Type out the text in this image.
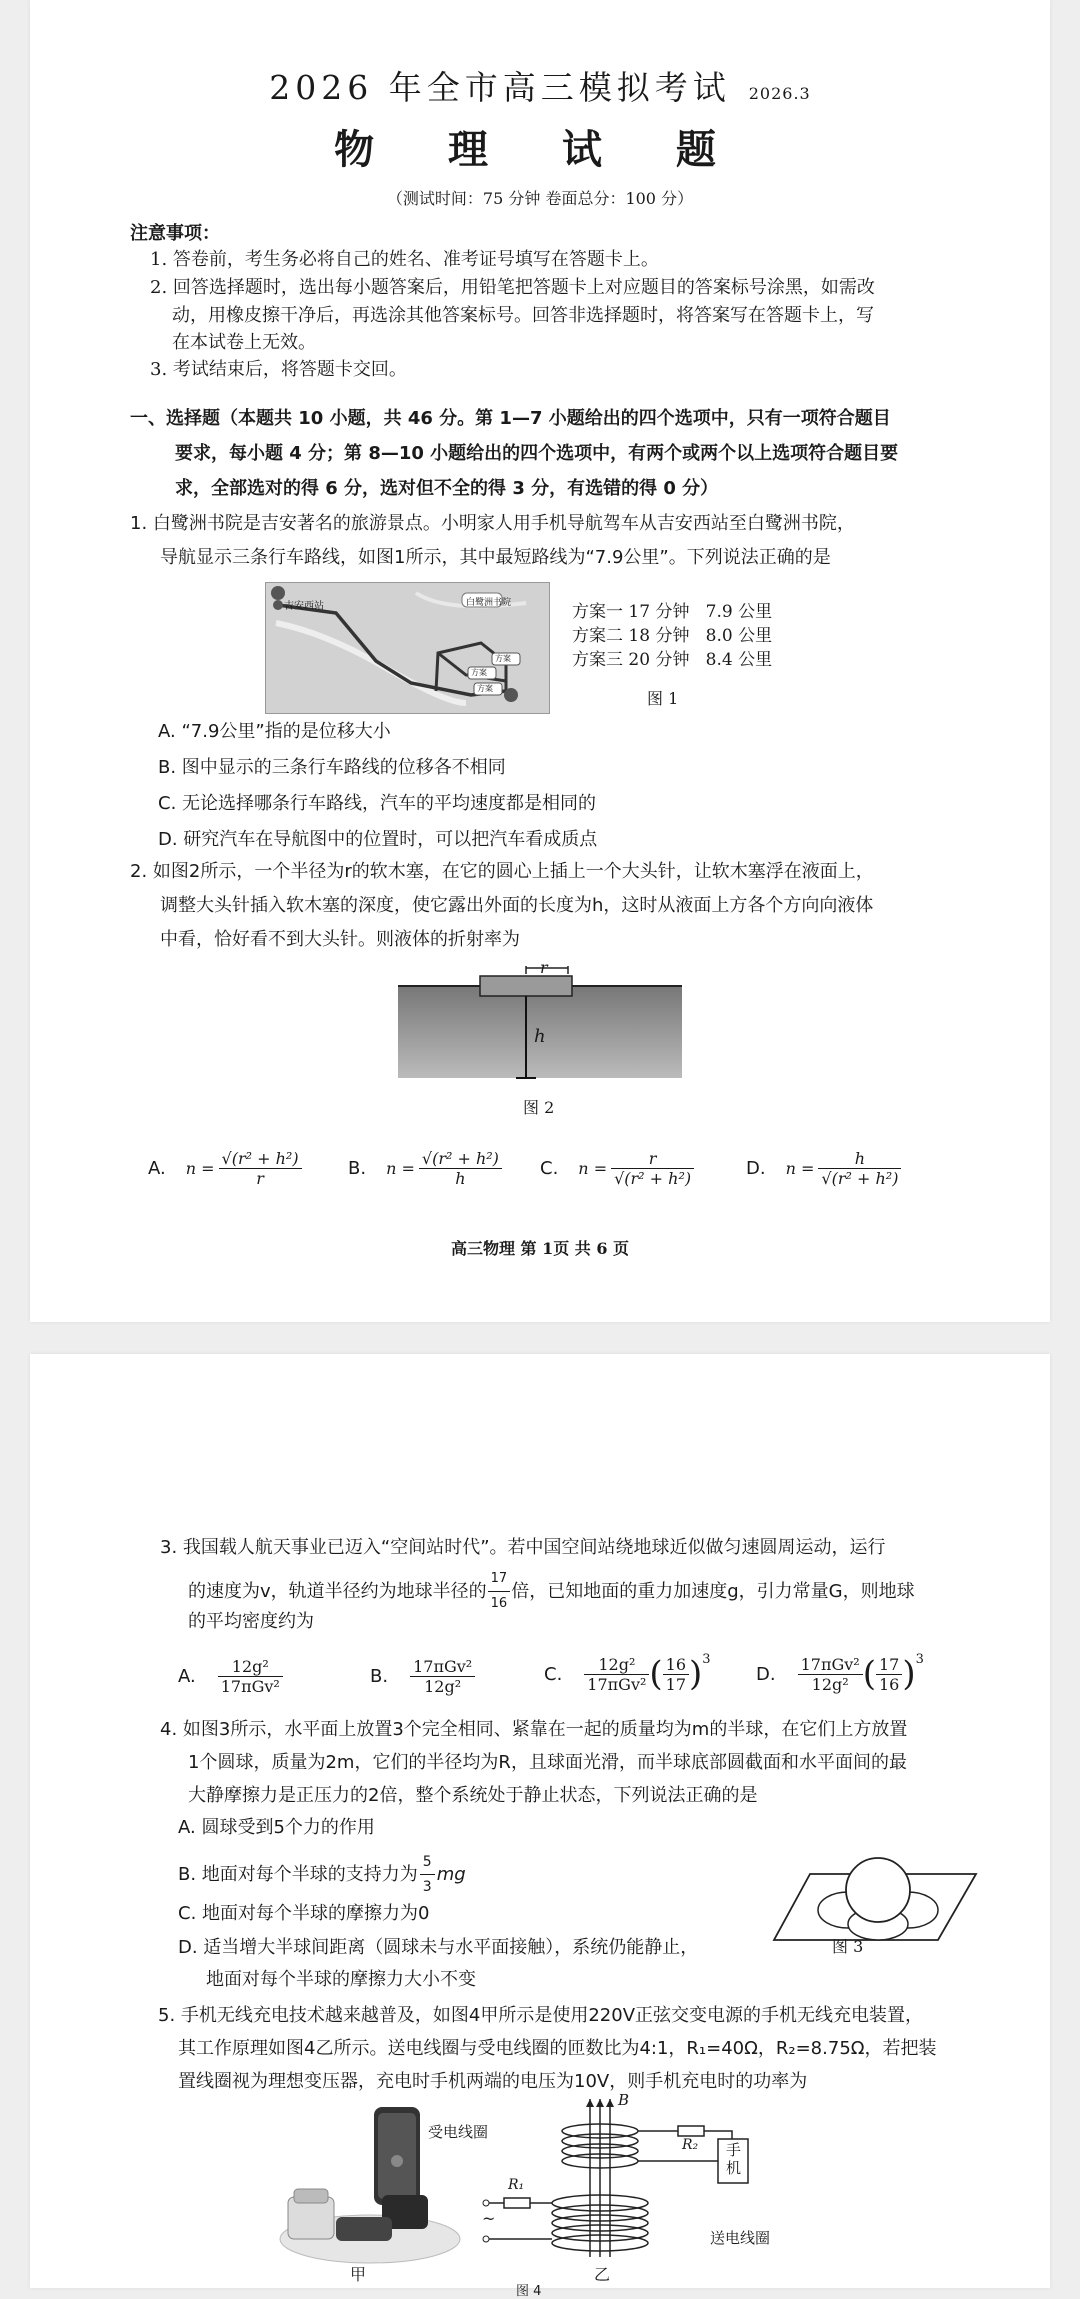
2026 年全市高三模拟考试 2026.3
物 理 试 题
（测试时间：75 分钟 卷面总分：100 分）
注意事项：
1. 答卷前，考生务必将自己的姓名、准考证号填写在答题卡上。
2. 回答选择题时，选出每小题答案后，用铅笔把答题卡上对应题目的答案标号涂黑，如需改
动，用橡皮擦干净后，再选涂其他答案标号。回答非选择题时，将答案写在答题卡上，写
在本试卷上无效。
3. 考试结束后，将答题卡交回。
一、选择题（本题共 10 小题，共 46 分。第 1—7 小题给出的四个选项中，只有一项符合题目
要求，每小题 4 分；第 8—10 小题给出的四个选项中，有两个或两个以上选项符合题目要
求，全部选对的得 6 分，选对但不全的得 3 分，有选错的得 0 分）
1. 白鹭洲书院是吉安著名的旅游景点。小明家人用手机导航驾车从吉安西站至白鹭洲书院，
导航显示三条行车路线，如图1所示，其中最短路线为“7.9公里”。下列说法正确的是
吉安西站	白鹭洲书院
方案
方案
方案
方案一 17 分钟   7.9 公里
方案二 18 分钟   8.0 公里
方案三 20 分钟   8.4 公里
图 1
A. “7.9公里”指的是位移大小
B. 图中显示的三条行车路线的位移各不相同
C. 无论选择哪条行车路线，汽车的平均速度都是相同的
D. 研究汽车在导航图中的位置时，可以把汽车看成质点
2. 如图2所示，一个半径为r的软木塞，在它的圆心上插上一个大头针，让软木塞浮在液面上，
调整大头针插入软木塞的深度，使它露出外面的长度为h，这时从液面上方各个方向向液体
中看，恰好看不到大头针。则液体的折射率为
r
h
图 2
A. $n = \frac{\text{√(r² + h²)}}{r}$	B. $n = \frac{\text{√(r² + h²)}}{h} C$. $n = \frac{r}{\text{√(r² + h²)}}$	D. $n = \frac{h}{\text{√(r² + h²)}}$
高三物理 第 1页 共 6 页
3. 我国载人航天事业已迈入“空间站时代”。若中国空间站绕地球近似做匀速圆周运动，运行
的速度为v，轨道半径约为地球半径的 $\frac{17}{16}$ 倍，已知地面的重力加速度g，引力常量G，则地球
的平均密度约为
A. $\frac{\text{12g²}}{\text{17πGv²}}$	B. $\frac{\text{17πGv²}}{\text{12g²}}$	C. $\frac{\text{12g²}}{\text{17πGv²}}$ ( $\frac{16}{17} )^3$
D. $\frac{\text{17πGv²}}{\text{12g²}}$ ( $\frac{17}{16} )^3$
4. 如图3所示，水平面上放置3个完全相同、紧靠在一起的质量均为m的半球，在它们上方放置
1个圆球，质量为2m，它们的半径均为R，且球面光滑，而半球底部圆截面和水平面间的最
大静摩擦力是正压力的2倍，整个系统处于静止状态，下列说法正确的是
A. 圆球受到5个力的作用
B. 地面对每个半球的支持力为 $\frac{5}{3}$ mg
C. 地面对每个半球的摩擦力为0
D. 适当增大半球间距离（圆球未与水平面接触），系统仍能静止，
地面对每个半球的摩擦力大小不变
图 3
5. 手机无线充电技术越来越普及，如图4甲所示是使用220V正弦交变电源的手机无线充电装置，
其工作原理如图4乙所示。送电线圈与受电线圈的匝数比为4:1，R₁=40Ω，R₂=8.75Ω，若把装
置线圈视为理想变压器，充电时手机两端的电压为10V，则手机充电时的功率为
甲
受电线圈
送电线圈
B
R₂
R₁
手
机
~
乙
图 4
